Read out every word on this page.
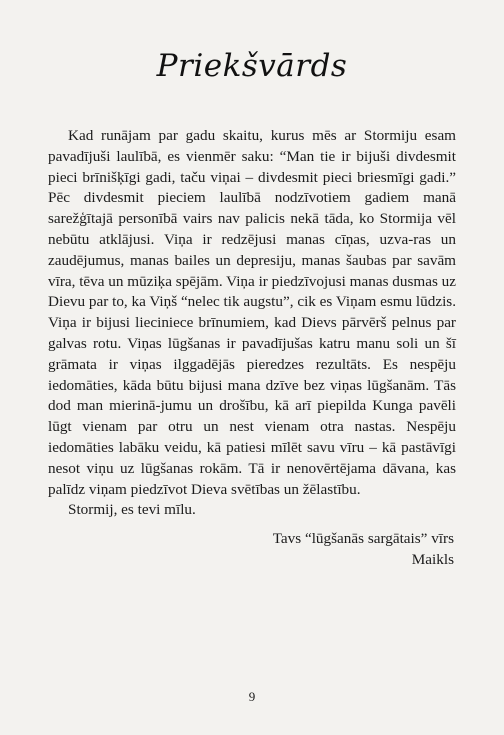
Priekšvārds

Kad runājam par gadu skaitu, kurus mēs ar Stormiju esam pavadījuši laulībā, es vienmēr saku: “Man tie ir bijuši divdesmit pieci brīnišķīgi gadi, taču viņai – divdesmit pieci briesmīgi gadi.” Pēc divdesmit pieciem laulībā nodzīvotiem gadiem manā sarežģītajā personībā vairs nav palicis nekā tāda, ko Stormija vēl nebūtu atklājusi. Viņa ir redzējusi manas cīņas, uzva-ras un zaudējumus, manas bailes un depresiju, manas šaubas par savām vīra, tēva un mūziķa spējām. Viņa ir piedzīvojusi manas dusmas uz Dievu par to, ka Viņš “nelec tik augstu”, cik es Viņam esmu lūdzis. Viņa ir bijusi lieciniece brīnumiem, kad Dievs pārvērš pelnus par galvas rotu. Viņas lūgšanas ir pavadījušas katru manu soli un šī grāmata ir viņas ilggadējās pieredzes rezultāts. Es nespēju iedomāties, kāda būtu bijusi mana dzīve bez viņas lūgšanām. Tās dod man mierinā-jumu un drošību, kā arī piepilda Kunga pavēli lūgt vienam par otru un nest vienam otra nastas. Nespēju iedomāties labāku veidu, kā patiesi mīlēt savu vīru – kā pastāvīgi nesot viņu uz lūgšanas rokām. Tā ir nenovērtējama dāvana, kas palīdz viņam piedzīvot Dieva svētības un žēlastību.

Stormij, es tevi mīlu.

Tavs “lūgšanās sargātais” vīrs
Maikls
9
